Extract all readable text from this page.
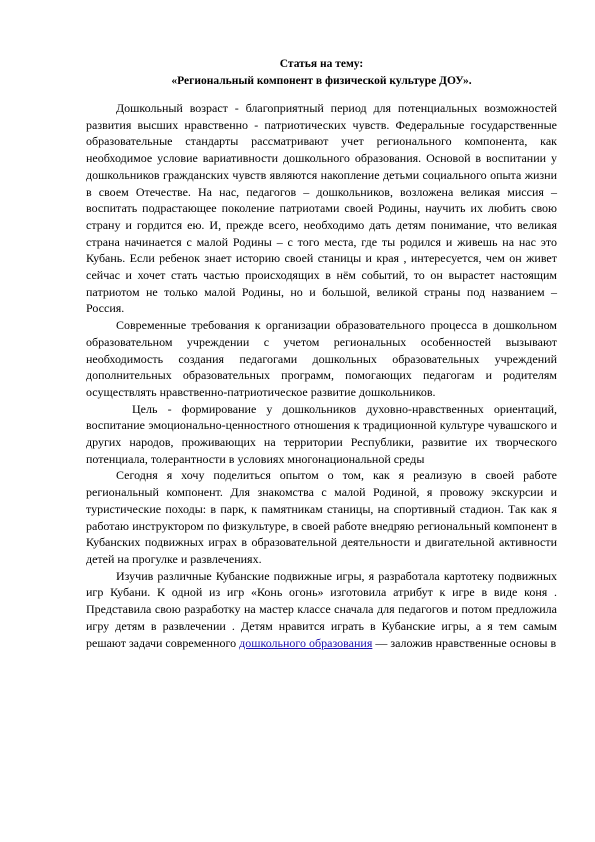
Статья на тему:

«Региональный компонент в физической культуре ДОУ».

Дошкольный возраст - благоприятный период для потенциальных возможностей развития высших нравственно - патриотических чувств. Федеральные государственные образовательные стандарты рассматривают учет регионального компонента, как необходимое условие вариативности дошкольного образования. Основой в воспитании у дошкольников гражданских чувств являются накопление детьми социального опыта жизни в своем Отечестве. На нас, педагогов – дошкольников, возложена великая миссия – воспитать подрастающее поколение патриотами своей Родины, научить их любить свою страну и гордится ею. И, прежде всего, необходимо дать детям понимание, что великая страна начинается с малой Родины – с того места, где ты родился и живешь на нас это Кубань. Если ребенок знает историю своей станицы и края , интересуется, чем он живет сейчас и хочет стать частью происходящих в нём событий, то он вырастет настоящим патриотом не только малой Родины, но и большой, великой страны под названием – Россия.

Современные требования к организации образовательного процесса в дошкольном образовательном учреждении с учетом региональных особенностей вызывают необходимость создания педагогами дошкольных образовательных учреждений дополнительных образовательных программ, помогающих педагогам и родителям осуществлять нравственно-патриотическое развитие дошкольников.

Цель - формирование у дошкольников духовно-нравственных ориентаций, воспитание эмоционально-ценностного отношения к традиционной культуре чувашского и других народов, проживающих на территории Республики, развитие их творческого потенциала, толерантности в условиях многонациональной среды

Сегодня я хочу поделиться опытом о том, как я реализую в своей работе региональный компонент. Для знакомства с малой Родиной, я провожу экскурсии и туристические походы: в парк, к памятникам станицы, на спортивный стадион. Так как я работаю инструктором по физкультуре, в своей работе внедряю региональный компонент в Кубанских подвижных играх в образовательной деятельности и двигательной активности детей на прогулке и развлечениях.

Изучив различные Кубанские подвижные игры, я разработала картотеку подвижных игр Кубани. К одной из игр «Конь огонь» изготовила атрибут к игре в виде коня . Представила свою разработку на мастер классе сначала для педагогов и потом предложила игру детям в развлечении . Детям нравится играть в Кубанские игры, а я тем самым решают задачи современного дошкольного образования — заложив нравственные основы в
